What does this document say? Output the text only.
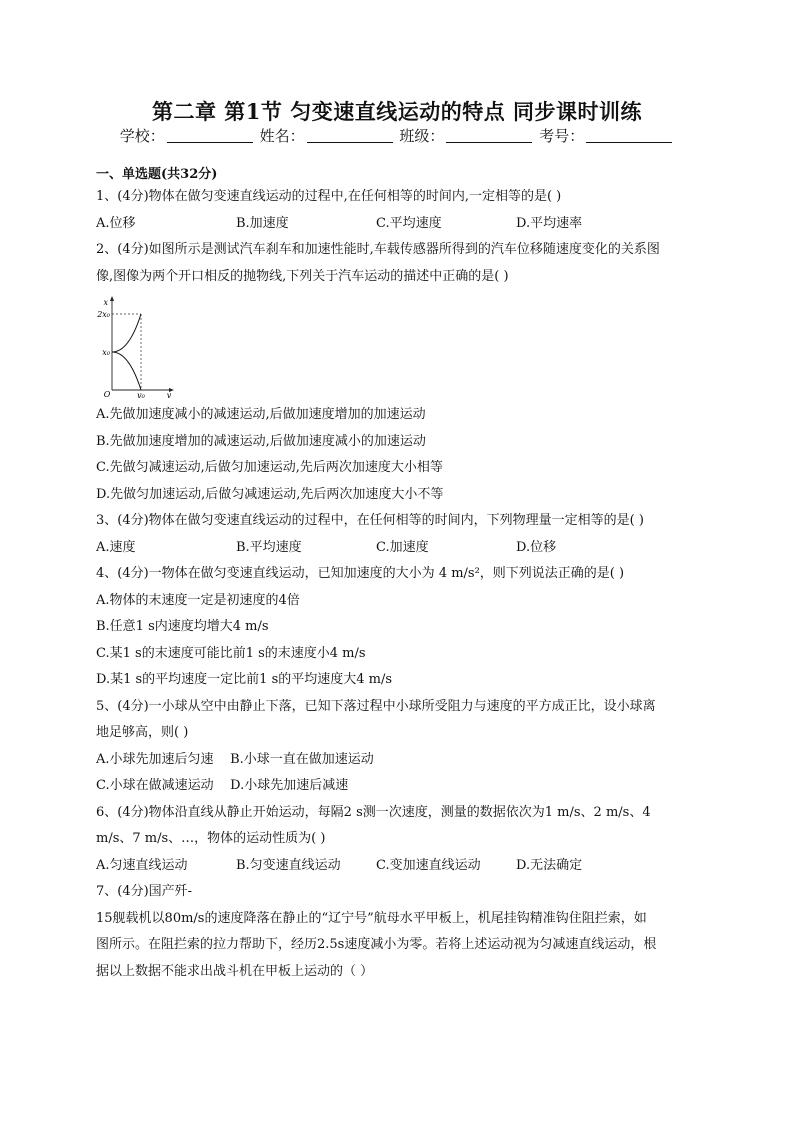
第二章 第1节 匀变速直线运动的特点 同步课时训练
学校：	姓名：	班级：	考号：
一、单选题(共32分)
1、(4分)物体在做匀变速直线运动的过程中,在任何相等的时间内,一定相等的是( )
A.位移	B.加速度	C.平均速度	D.平均速率
2、(4分)如图所示是测试汽车刹车和加速性能时,车载传感器所得到的汽车位移随速度变化的关系图
像,图像为两个开口相反的抛物线,下列关于汽车运动的描述中正确的是( )
x
2x₀
x₀
O	v₀	v
A.先做加速度减小的减速运动,后做加速度增加的加速运动
B.先做加速度增加的减速运动,后做加速度减小的加速运动
C.先做匀减速运动,后做匀加速运动,先后两次加速度大小相等
D.先做匀加速运动,后做匀减速运动,先后两次加速度大小不等
3、(4分)物体在做匀变速直线运动的过程中，在任何相等的时间内，下列物理量一定相等的是( )
A.速度	B.平均速度	C.加速度	D.位移
4、(4分)一物体在做匀变速直线运动，已知加速度的大小为 4 m/s²，则下列说法正确的是( )
A.物体的末速度一定是初速度的4倍
B.任意1 s内速度均增大4 m/s
C.某1 s的末速度可能比前1 s的末速度小4 m/s
D.某1 s的平均速度一定比前1 s的平均速度大4 m/s
5、(4分)一小球从空中由静止下落，已知下落过程中小球所受阻力与速度的平方成正比，设小球离
地足够高，则( )
A.小球先加速后匀速 B.小球一直在做加速运动
C.小球在做减速运动 D.小球先加速后减速
6、(4分)物体沿直线从静止开始运动，每隔2 s测一次速度，测量的数据依次为1 m/s、2 m/s、4
m/s、7 m/s、…，物体的运动性质为( )
A.匀速直线运动	B.匀变速直线运动	C.变加速直线运动	D.无法确定
7、(4分)国产歼-
15舰载机以80m/s的速度降落在静止的“辽宁号”航母水平甲板上，机尾挂钩精准钩住阻拦索，如
图所示。在阻拦索的拉力帮助下，经历2.5s速度减小为零。若将上述运动视为匀减速直线运动，根
据以上数据不能求出战斗机在甲板上运动的（ ）
